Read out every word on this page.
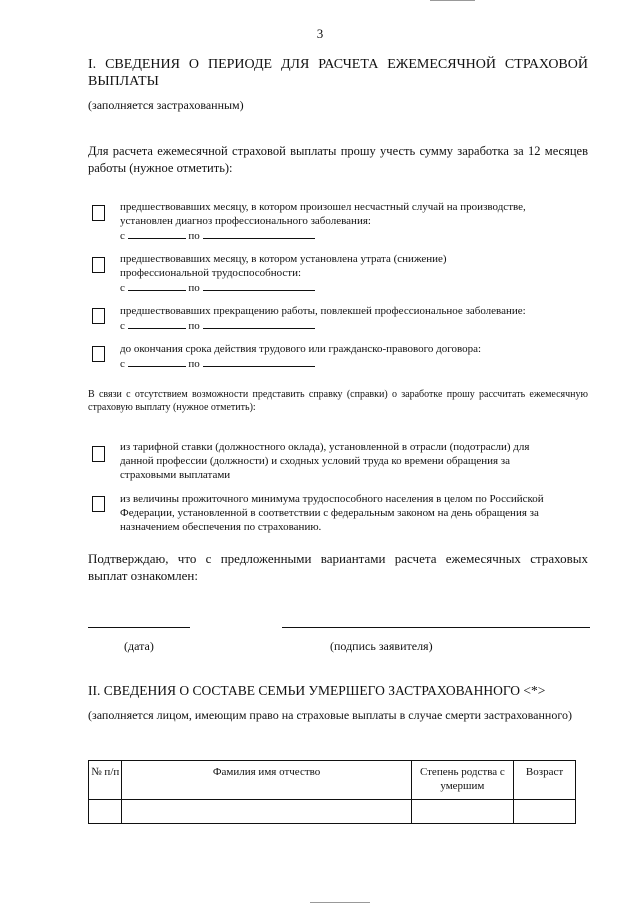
3
I. СВЕДЕНИЯ О ПЕРИОДЕ ДЛЯ РАСЧЕТА ЕЖЕМЕСЯЧНОЙ СТРАХОВОЙ ВЫПЛАТЫ
(заполняется застрахованным)
Для расчета ежемесячной страховой выплаты прошу учесть сумму заработка за 12 месяцев работы (нужное отметить):
предшествовавших месяцу, в котором произошел несчастный случай на производстве, установлен диагноз профессионального заболевания:
с	по
предшествовавших месяцу, в котором установлена утрата (снижение) профессиональной трудоспособности:
с	по
предшествовавших прекращению работы, повлекшей профессиональное заболевание:
с	по
до окончания срока действия трудового или гражданско-правового договора:
с	по
В связи с отсутствием возможности представить справку (справки) о заработке прошу рассчитать ежемесячную страховую выплату (нужное отметить):
из тарифной ставки (должностного оклада), установленной в отрасли (подотрасли) для данной профессии (должности) и сходных условий труда ко времени обращения за страховыми выплатами
из величины прожиточного минимума трудоспособного населения в целом по Российской Федерации, установленной в соответствии с федеральным законом на день обращения за назначением обеспечения по страхованию.
Подтверждаю, что с предложенными вариантами расчета ежемесячных страховых выплат ознакомлен:
(дата)	(подпись заявителя)
II. СВЕДЕНИЯ О СОСТАВЕ СЕМЬИ УМЕРШЕГО ЗАСТРАХОВАННОГО <*>
(заполняется лицом, имеющим право на страховые выплаты в случае смерти застрахованного)
№ п/п	Фамилия имя отчество	Степень родства с умершим	Возраст
